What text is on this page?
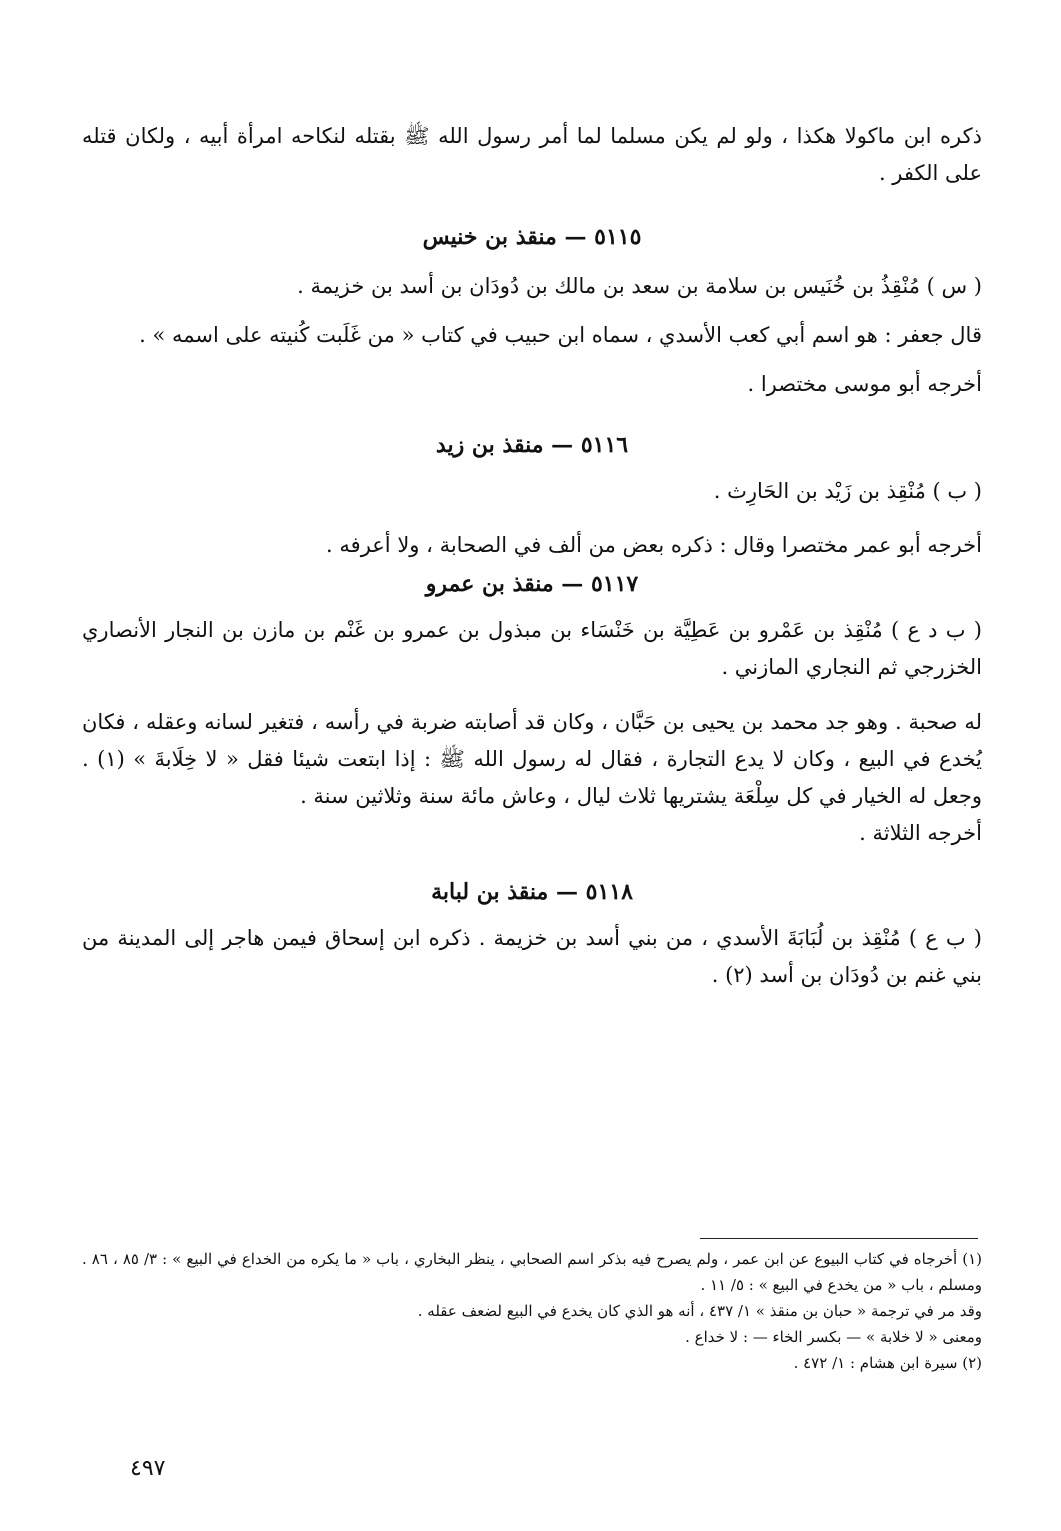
ذكره ابن ماكولا هكذا ، ولو لم يكن مسلما لما أمر رسول الله ﷺ بقتله لنكاحه امرأة أبيه ، ولكان قتله على الكفر .

٥١١٥ — منقذ بن خنيس

( س ) مُنْقِذُ بن خُنَيس بن سلامة بن سعد بن مالك بن دُودَان بن أسد بن خزيمة .

قال جعفر : هو اسم أبي كعب الأسدي ، سماه ابن حبيب في كتاب « من غَلَبت كُنيته على اسمه » .

أخرجه أبو موسى مختصرا .

٥١١٦ — منقذ بن زيد

( ب ) مُنْقِذ بن زَيْد بن الحَارِث .

أخرجه أبو عمر مختصرا وقال : ذكره بعض من ألف في الصحابة ، ولا أعرفه .

٥١١٧ — منقذ بن عمرو

( ب د ع ) مُنْقِذ بن عَمْرو بن عَطِيَّة بن خَنْسَاء بن مبذول بن عمرو بن غَنْم بن مازن بن النجار الأنصاري الخزرجي ثم النجاري المازني .

له صحبة . وهو جد محمد بن يحيى بن حَبَّان ، وكان قد أصابته ضربة في رأسه ، فتغير لسانه وعقله ، فكان يُخدع في البيع ، وكان لا يدع التجارة ، فقال له رسول الله ﷺ : إذا ابتعت شيئا فقل « لا خِلَابةَ » (١) . وجعل له الخيار في كل سِلْعَة يشتريها ثلاث ليال ، وعاش مائة سنة وثلاثين سنة .

أخرجه الثلاثة .

٥١١٨ — منقذ بن لبابة

( ب ع ) مُنْقِذ بن لُبَابَةَ الأسدي ، من بني أسد بن خزيمة . ذكره ابن إسحاق فيمن هاجر إلى المدينة من بني غنم بن دُودَان بن أسد (٢) .

(١) أخرجاه في كتاب البيوع عن ابن عمر ، ولم يصرح فيه بذكر اسم الصحابي ، ينظر البخاري ، باب « ما يكره من الخداع في البيع » : ٣/ ٨٥ ، ٨٦ . ومسلم ، باب « من يخدع في البيع » : ٥/ ١١ .

وقد مر في ترجمة « حبان بن منقذ » ١/ ٤٣٧ ، أنه هو الذي كان يخدع في البيع لضعف عقله .

ومعنى « لا خلابة » — بكسر الخاء — : لا خداع .

(٢) سيرة ابن هشام : ١/ ٤٧٢ .

٤٩٧
